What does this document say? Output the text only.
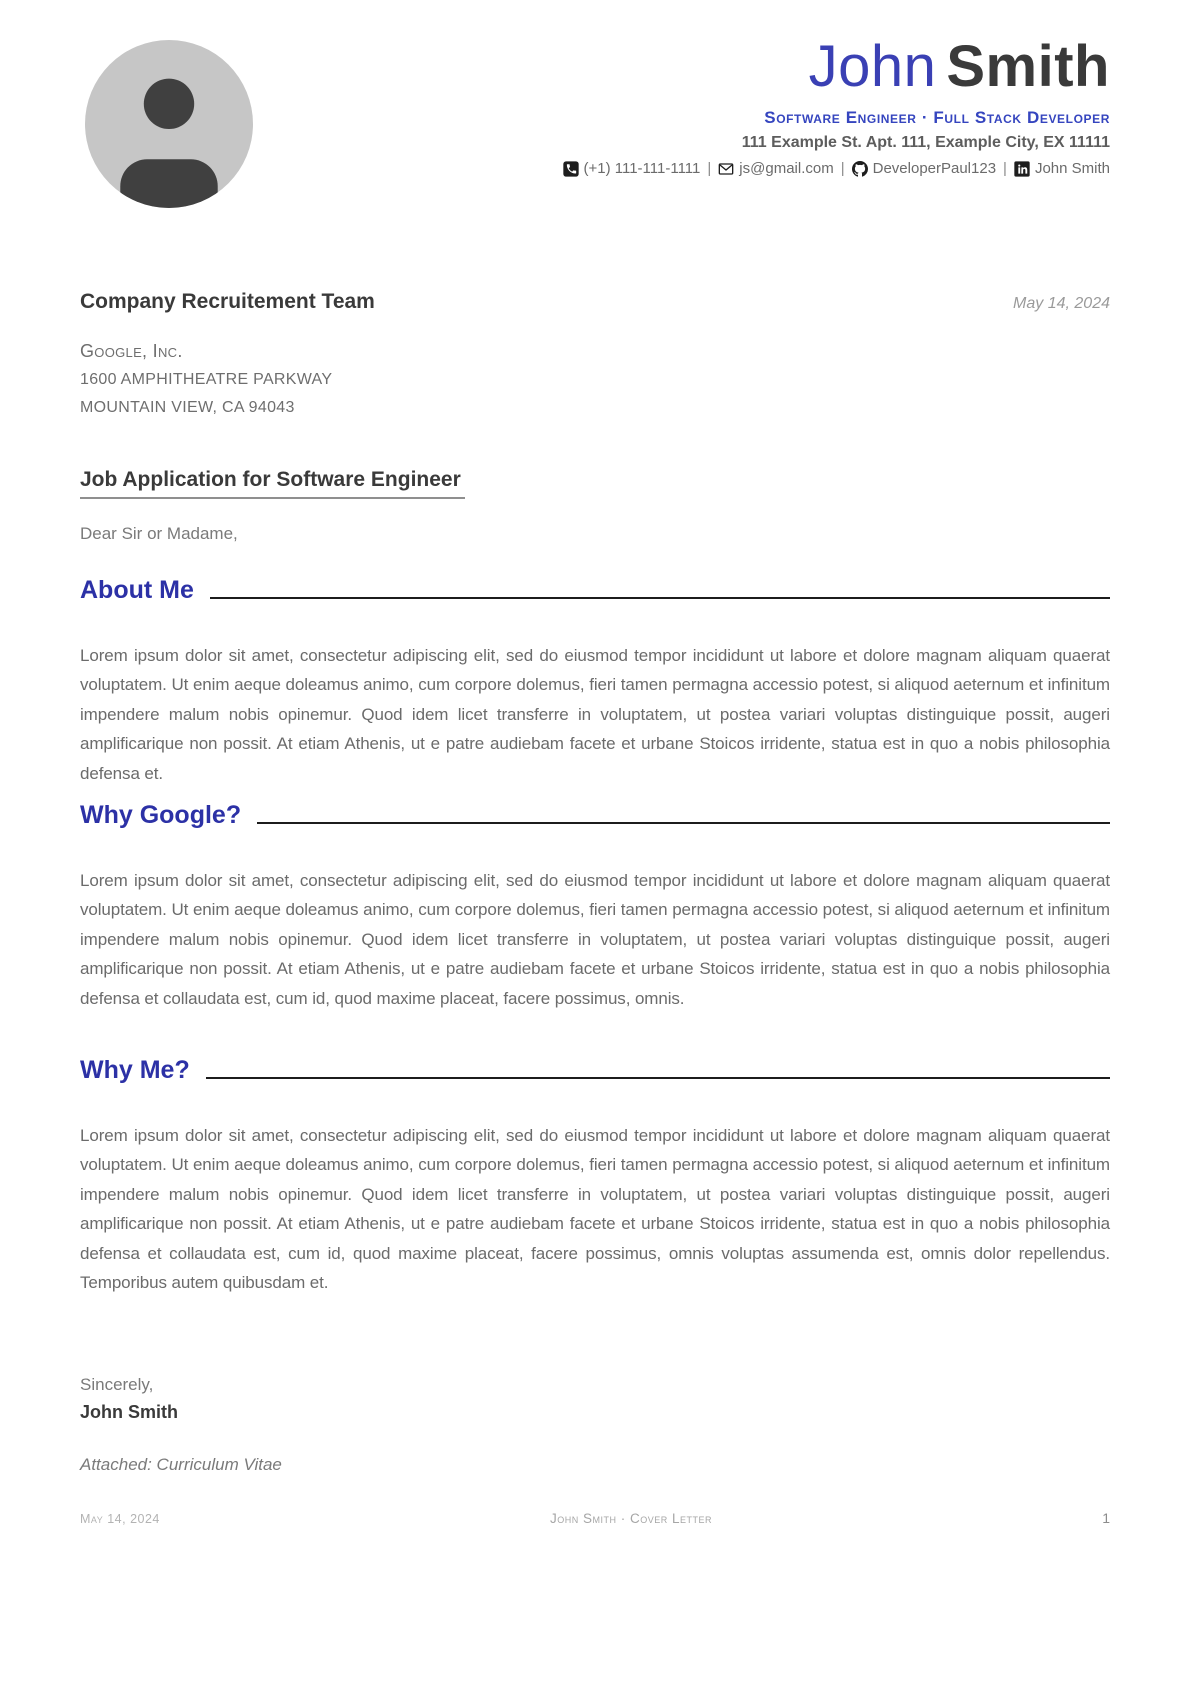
John Smith
Software Engineer · Full Stack Developer
111 Example St. Apt. 111, Example City, EX 11111
(+1) 111-111-1111 | js@gmail.com | DeveloperPaul123 | John Smith
Company Recruitement Team	May 14, 2024
Google, Inc.
1600 AMPHITHEATRE PARKWAY
MOUNTAIN VIEW, CA 94043
Job Application for Software Engineer
Dear Sir or Madame,
About Me
Lorem ipsum dolor sit amet, consectetur adipiscing elit, sed do eiusmod tempor incididunt ut labore et dolore magnam aliquam quaerat voluptatem. Ut enim aeque doleamus animo, cum corpore dolemus, fieri tamen permagna accessio potest, si aliquod aeternum et infinitum impendere malum nobis opinemur. Quod idem licet transferre in voluptatem, ut postea variari voluptas distinguique possit, augeri amplificarique non possit. At etiam Athenis, ut e patre audiebam facete et urbane Stoicos irridente, statua est in quo a nobis philosophia defensa et.
Why Google?
Lorem ipsum dolor sit amet, consectetur adipiscing elit, sed do eiusmod tempor incididunt ut labore et dolore magnam aliquam quaerat voluptatem. Ut enim aeque doleamus animo, cum corpore dolemus, fieri tamen permagna accessio potest, si aliquod aeternum et infinitum impendere malum nobis opinemur. Quod idem licet transferre in voluptatem, ut postea variari voluptas distinguique possit, augeri amplificarique non possit. At etiam Athenis, ut e patre audiebam facete et urbane Stoicos irridente, statua est in quo a nobis philosophia defensa et collaudata est, cum id, quod maxime placeat, facere possimus, omnis.
Why Me?
Lorem ipsum dolor sit amet, consectetur adipiscing elit, sed do eiusmod tempor incididunt ut labore et dolore magnam aliquam quaerat voluptatem. Ut enim aeque doleamus animo, cum corpore dolemus, fieri tamen permagna accessio potest, si aliquod aeternum et infinitum impendere malum nobis opinemur. Quod idem licet transferre in voluptatem, ut postea variari voluptas distinguique possit, augeri amplificarique non possit. At etiam Athenis, ut e patre audiebam facete et urbane Stoicos irridente, statua est in quo a nobis philosophia defensa et collaudata est, cum id, quod maxime placeat, facere possimus, omnis voluptas assumenda est, omnis dolor repellendus. Temporibus autem quibusdam et.
Sincerely,
John Smith
Attached: Curriculum Vitae
May 14, 2024	John Smith · Cover Letter	1
